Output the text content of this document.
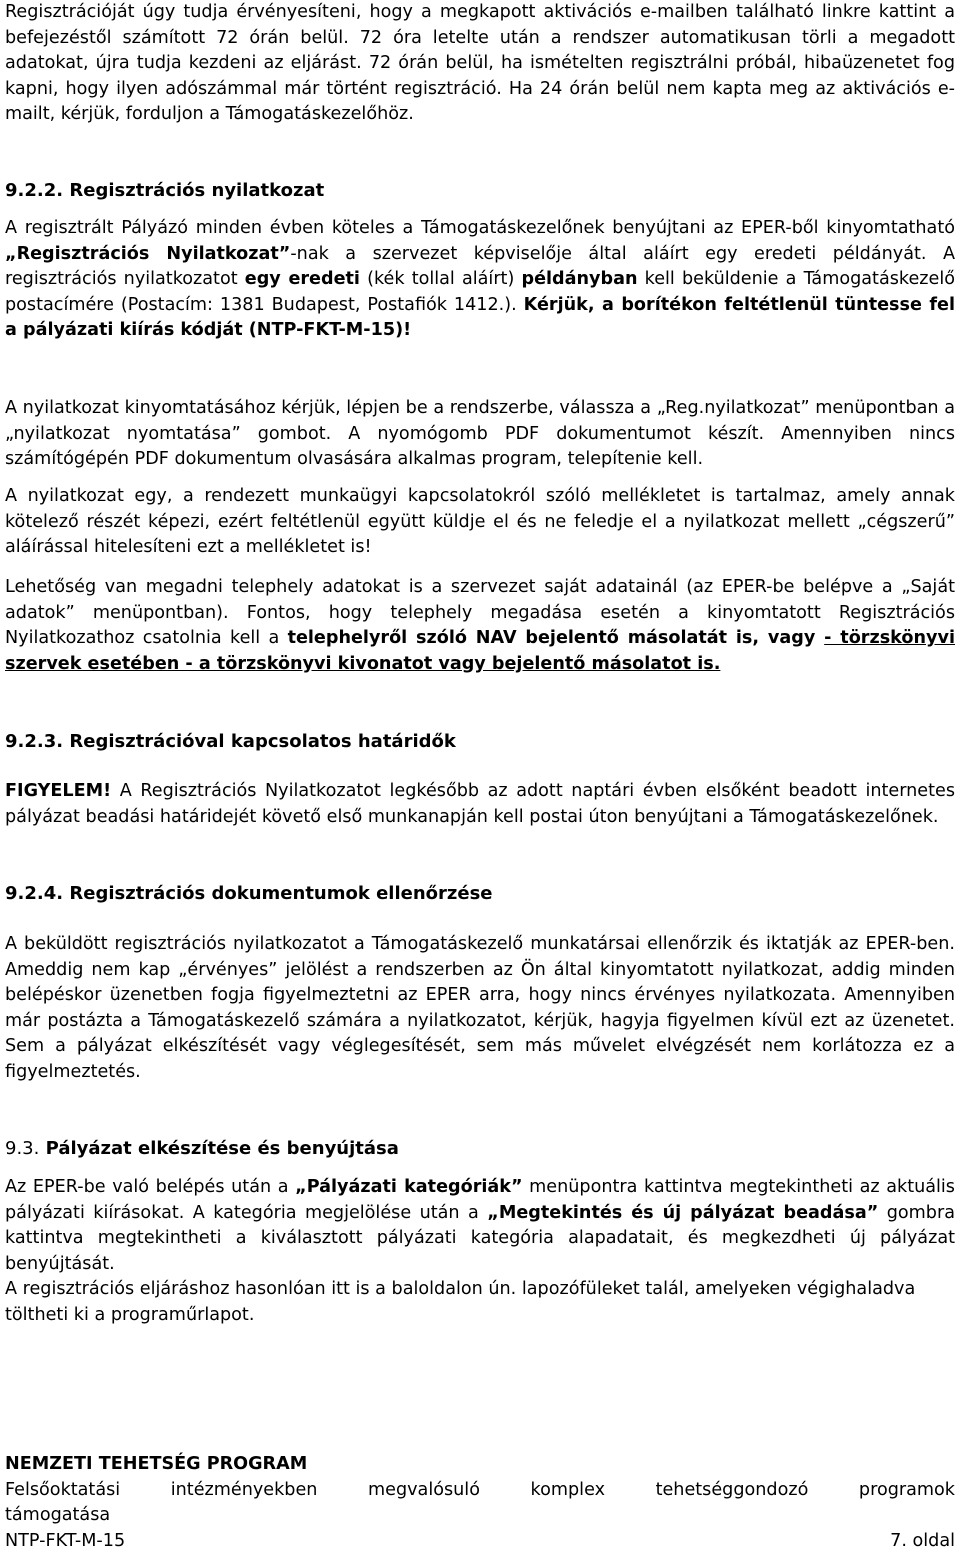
Regisztrációját úgy tudja érvényesíteni, hogy a megkapott aktivációs e-mailben található linkre kattint a befejezéstől számított 72 órán belül. 72 óra letelte után a rendszer automatikusan törli a megadott adatokat, újra tudja kezdeni az eljárást. 72 órán belül, ha ismételten regisztrálni próbál, hibaüzenetet fog kapni, hogy ilyen adószámmal már történt regisztráció. Ha 24 órán belül nem kapta meg az aktivációs e-mailt, kérjük, forduljon a Támogatáskezelőhöz.

9.2.2. Regisztrációs nyilatkozat

A regisztrált Pályázó minden évben köteles a Támogatáskezelőnek benyújtani az EPER-ből kinyomtatható „Regisztrációs Nyilatkozat”-nak a szervezet képviselője által aláírt egy eredeti példányát. A regisztrációs nyilatkozatot egy eredeti (kék tollal aláírt) példányban kell beküldenie a Támogatáskezelő postacímére (Postacím: 1381 Budapest, Postafiók 1412.). Kérjük, a borítékon feltétlenül tüntesse fel a pályázati kiírás kódját (NTP-FKT-M-15)!

A nyilatkozat kinyomtatásához kérjük, lépjen be a rendszerbe, válassza a „Reg.nyilatkozat” menüpontban a „nyilatkozat nyomtatása” gombot. A nyomógomb PDF dokumentumot készít. Amennyiben nincs számítógépén PDF dokumentum olvasására alkalmas program, telepítenie kell.

A nyilatkozat egy, a rendezett munkaügyi kapcsolatokról szóló mellékletet is tartalmaz, amely annak kötelező részét képezi, ezért feltétlenül együtt küldje el és ne feledje el a nyilatkozat mellett „cégszerű” aláírással hitelesíteni ezt a mellékletet is!

Lehetőség van megadni telephely adatokat is a szervezet saját adatainál (az EPER-be belépve a „Saját adatok” menüpontban). Fontos, hogy telephely megadása esetén a kinyomtatott Regisztrációs Nyilatkozathoz csatolnia kell a telephelyről szóló NAV bejelentő másolatát is, vagy - törzskönyvi szervek esetében - a törzskönyvi kivonatot vagy bejelentő másolatot is.

9.2.3. Regisztrációval kapcsolatos határidők

FIGYELEM! A Regisztrációs Nyilatkozatot legkésőbb az adott naptári évben elsőként beadott internetes pályázat beadási határidejét követő első munkanapján kell postai úton benyújtani a Támogatáskezelőnek.

9.2.4. Regisztrációs dokumentumok ellenőrzése

A beküldött regisztrációs nyilatkozatot a Támogatáskezelő munkatársai ellenőrzik és iktatják az EPER-ben. Ameddig nem kap „érvényes” jelölést a rendszerben az Ön által kinyomtatott nyilatkozat, addig minden belépéskor üzenetben fogja figyelmeztetni az EPER arra, hogy nincs érvényes nyilatkozata. Amennyiben már postázta a Támogatáskezelő számára a nyilatkozatot, kérjük, hagyja figyelmen kívül ezt az üzenetet. Sem a pályázat elkészítését vagy véglegesítését, sem más művelet elvégzését nem korlátozza ez a figyelmeztetés.

9.3. Pályázat elkészítése és benyújtása

Az EPER-be való belépés után a „Pályázati kategóriák” menüpontra kattintva megtekintheti az aktuális pályázati kiírásokat. A kategória megjelölése után a „Megtekintés és új pályázat beadása” gombra kattintva megtekintheti a kiválasztott pályázati kategória alapadatait, és megkezdheti új pályázat benyújtását.

A regisztrációs eljáráshoz hasonlóan itt is a baloldalon ún. lapozófüleket talál, amelyeken végighaladva töltheti ki a programűrlapot.

NEMZETI TEHETSÉG PROGRAM
Felsőoktatási intézményekben megvalósuló komplex tehetséggondozó programok
támogatása
NTP-FKT-M-15	7. oldal
